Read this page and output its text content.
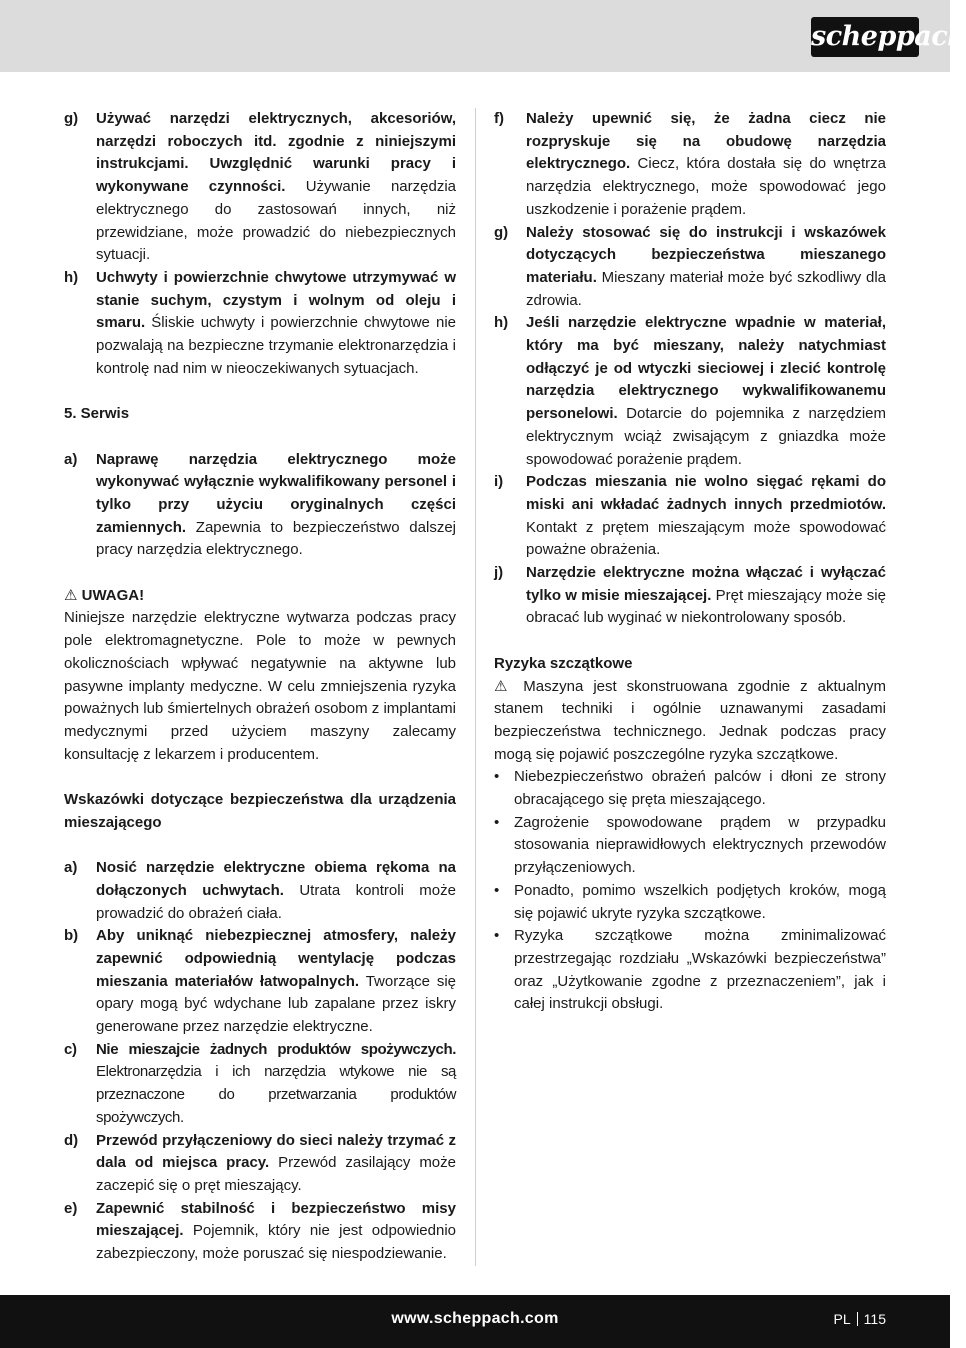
scheppach
g) Używać narzędzi elektrycznych, akcesoriów, narzędzi roboczych itd. zgodnie z niniejszymi instrukcjami. Uwzględnić warunki pracy i wykonywane czynności. Używanie narzędzia elektrycznego do zastosowań innych, niż przewidziane, może prowadzić do niebezpiecznych sytuacji.
h) Uchwyty i powierzchnie chwytowe utrzymywać w stanie suchym, czystym i wolnym od oleju i smaru. Śliskie uchwyty i powierzchnie chwytowe nie pozwalają na bezpieczne trzymanie elektronarzędzia i kontrolę nad nim w nieoczekiwanych sytuacjach.
5. Serwis
a) Naprawę narzędzia elektrycznego może wykonywać wyłącznie wykwalifikowany personel i tylko przy użyciu oryginalnych części zamiennych. Zapewnia to bezpieczeństwo dalszej pracy narzędzia elektrycznego.
⚠ UWAGA!
Niniejsze narzędzie elektryczne wytwarza podczas pracy pole elektromagnetyczne. Pole to może w pewnych okolicznościach wpływać negatywnie na aktywne lub pasywne implanty medyczne. W celu zmniejszenia ryzyka poważnych lub śmiertelnych obrażeń osobom z implantami medycznymi przed użyciem maszyny zalecamy konsultację z lekarzem i producentem.
Wskazówki dotyczące bezpieczeństwa dla urządzenia mieszającego
a) Nosić narzędzie elektryczne obiema rękoma na dołączonych uchwytach. Utrata kontroli może prowadzić do obrażeń ciała.
b) Aby uniknąć niebezpiecznej atmosfery, należy zapewnić odpowiednią wentylację podczas mieszania materiałów łatwopalnych. Tworzące się opary mogą być wdychane lub zapalane przez iskry generowane przez narzędzie elektryczne.
c) Nie mieszajcie żadnych produktów spożywczych. Elektronarzędzia i ich narzędzia wtykowe nie są przeznaczone do przetwarzania produktów spożywczych.
d) Przewód przyłączeniowy do sieci należy trzymać z dala od miejsca pracy. Przewód zasilający może zaczepić się o pręt mieszający.
e) Zapewnić stabilność i bezpieczeństwo misy mieszającej. Pojemnik, który nie jest odpowiednio zabezpieczony, może poruszać się niespodziewanie.
f) Należy upewnić się, że żadna ciecz nie rozpryskuje się na obudowę narzędzia elektrycznego. Ciecz, która dostała się do wnętrza narzędzia elektrycznego, może spowodować jego uszkodzenie i porażenie prądem.
g) Należy stosować się do instrukcji i wskazówek dotyczących bezpieczeństwa mieszanego materiału. Mieszany materiał może być szkodliwy dla zdrowia.
h) Jeśli narzędzie elektryczne wpadnie w materiał, który ma być mieszany, należy natychmiast odłączyć je od wtyczki sieciowej i zlecić kontrolę narzędzia elektrycznego wykwalifikowanemu personelowi. Dotarcie do pojemnika z narzędziem elektrycznym wciąż zwisającym z gniazdka może spowodować porażenie prądem.
i) Podczas mieszania nie wolno sięgać rękami do miski ani wkładać żadnych innych przedmiotów. Kontakt z prętem mieszającym może spowodować poważne obrażenia.
j) Narzędzie elektryczne można włączać i wyłączać tylko w misie mieszającej. Pręt mieszający może się obracać lub wyginać w niekontrolowany sposób.
Ryzyka szczątkowe
⚠ Maszyna jest skonstruowana zgodnie z aktualnym stanem techniki i ogólnie uznawanymi zasadami bezpieczeństwa technicznego. Jednak podczas pracy mogą się pojawić poszczególne ryzyka szczątkowe.
• Niebezpieczeństwo obrażeń palców i dłoni ze strony obracającego się pręta mieszającego.
• Zagrożenie spowodowane prądem w przypadku stosowania nieprawidłowych elektrycznych przewodów przyłączeniowych.
• Ponadto, pomimo wszelkich podjętych kroków, mogą się pojawić ukryte ryzyka szczątkowe.
• Ryzyka szczątkowe można zminimalizować przestrzegając rozdziału „Wskazówki bezpieczeństwa” oraz „Użytkowanie zgodne z przeznaczeniem”, jak i całej instrukcji obsługi.
www.scheppach.com	PL 115
